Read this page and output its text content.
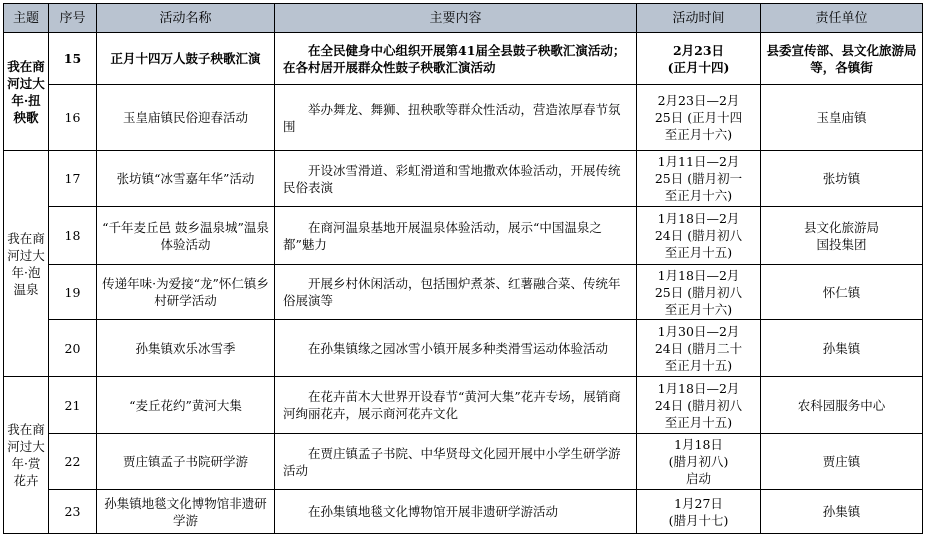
主题	序号	活动名称	主要内容	活动时间	责任单位
我在商河过大年·扭秧歌	15	正月十四万人鼓子秧歌汇演	在全民健身中心组织开展第41届全县鼓子秧歌汇演活动；在各村居开展群众性鼓子秧歌汇演活动	2月23日
(正月十四)	县委宣传部、县文化旅游局等，各镇街
	16	玉皇庙镇民俗迎春活动	举办舞龙、舞狮、扭秧歌等群众性活动，营造浓厚春节氛围	2月23日—2月
25日 (正月十四
至正月十六)	玉皇庙镇
我在商河过大年·泡温泉	17	张坊镇“冰雪嘉年华”活动	开设冰雪滑道、彩虹滑道和雪地撒欢体验活动，开展传统民俗表演	1月11日—2月
25日 (腊月初一
至正月十六)	张坊镇
	18	“千年麦丘邑 鼓乡温泉城”温泉体验活动	在商河温泉基地开展温泉体验活动，展示“中国温泉之都”魅力	1月18日—2月
24日 (腊月初八
至正月十五)	县文化旅游局
国投集团
	19	传递年味·为爱接“龙”怀仁镇乡村研学活动	开展乡村休闲活动，包括围炉煮茶、红薯融合菜、传统年俗展演等	1月18日—2月
25日 (腊月初八
至正月十六)	怀仁镇
	20	孙集镇欢乐冰雪季	在孙集镇缘之园冰雪小镇开展多种类滑雪运动体验活动	1月30日—2月
24日 (腊月二十
至正月十五)	孙集镇
我在商河过大年·赏花卉	21	“麦丘花约”黄河大集	在花卉苗木大世界开设春节“黄河大集”花卉专场，展销商河绚丽花卉，展示商河花卉文化	1月18日—2月
24日 (腊月初八
至正月十五)	农科园服务中心
	22	贾庄镇孟子书院研学游	在贾庄镇孟子书院、中华贤母文化园开展中小学生研学游活动	1月18日
(腊月初八)
启动	贾庄镇
	23	孙集镇地毯文化博物馆非遗研学游	在孙集镇地毯文化博物馆开展非遗研学游活动	1月27日
(腊月十七)	孙集镇
